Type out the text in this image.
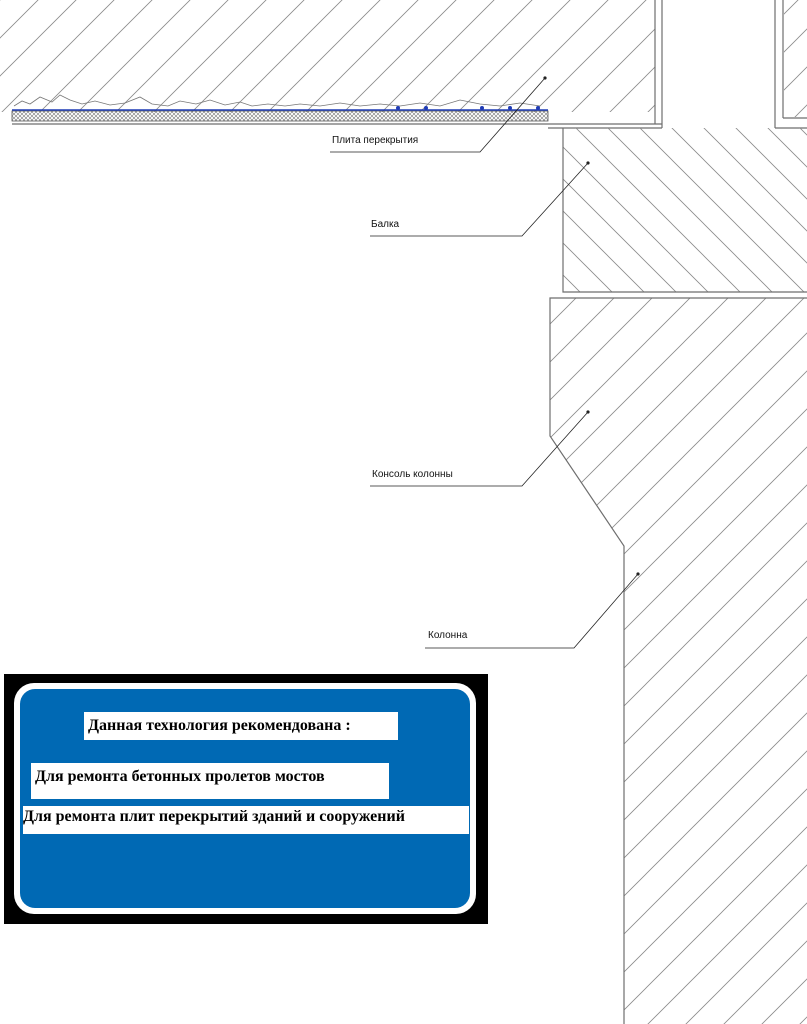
Плита перекрытия
Балка
Консоль колонны
Колонна
Данная технология рекомендована :
Для ремонта бетонных пролетов мостов
Для ремонта плит перекрытий зданий и сооружений
